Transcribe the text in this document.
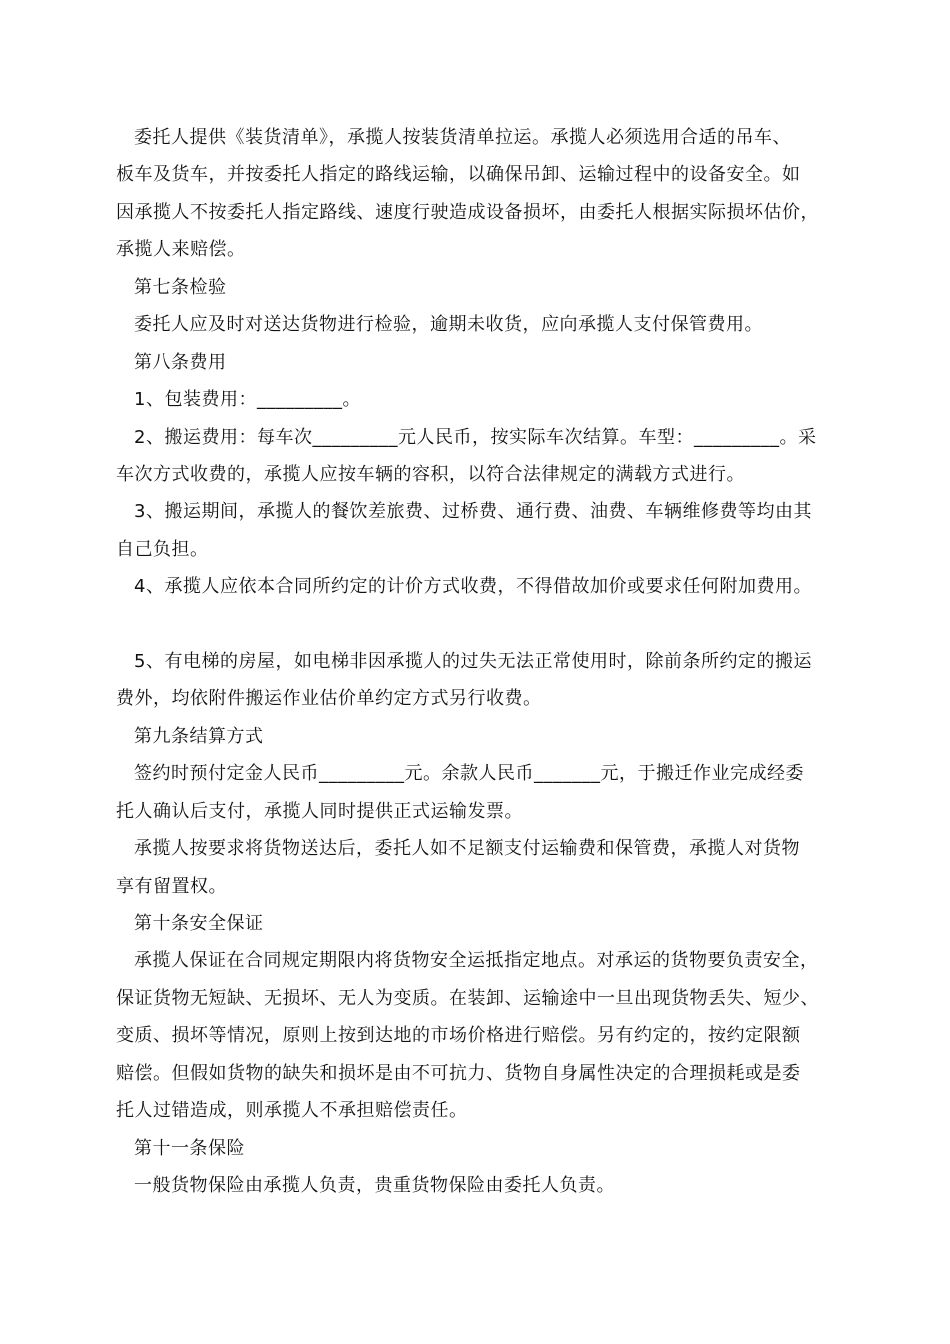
委托人提供《装货清单》，承揽人按装货清单拉运。承揽人必须选用合适的吊车、
板车及货车，并按委托人指定的路线运输，以确保吊卸、运输过程中的设备安全。如
因承揽人不按委托人指定路线、速度行驶造成设备损坏，由委托人根据实际损坏估价，
承揽人来赔偿。
第七条检验
委托人应及时对送达货物进行检验，逾期未收货，应向承揽人支付保管费用。
第八条费用
1、包装费用：_________。
2、搬运费用：每车次_________元人民币，按实际车次结算。车型：_________。采
车次方式收费的，承揽人应按车辆的容积，以符合法律规定的满载方式进行。
3、搬运期间，承揽人的餐饮差旅费、过桥费、通行费、油费、车辆维修费等均由其
自己负担。
4、承揽人应依本合同所约定的计价方式收费，不得借故加价或要求任何附加费用。
5、有电梯的房屋，如电梯非因承揽人的过失无法正常使用时，除前条所约定的搬运
费外，均依附件搬运作业估价单约定方式另行收费。
第九条结算方式
签约时预付定金人民币_________元。余款人民币_______元，于搬迁作业完成经委
托人确认后支付，承揽人同时提供正式运输发票。
承揽人按要求将货物送达后，委托人如不足额支付运输费和保管费，承揽人对货物
享有留置权。
第十条安全保证
承揽人保证在合同规定期限内将货物安全运抵指定地点。对承运的货物要负责安全，
保证货物无短缺、无损坏、无人为变质。在装卸、运输途中一旦出现货物丢失、短少、
变质、损坏等情况，原则上按到达地的市场价格进行赔偿。另有约定的，按约定限额
赔偿。但假如货物的缺失和损坏是由不可抗力、货物自身属性决定的合理损耗或是委
托人过错造成，则承揽人不承担赔偿责任。
第十一条保险
一般货物保险由承揽人负责，贵重货物保险由委托人负责。
